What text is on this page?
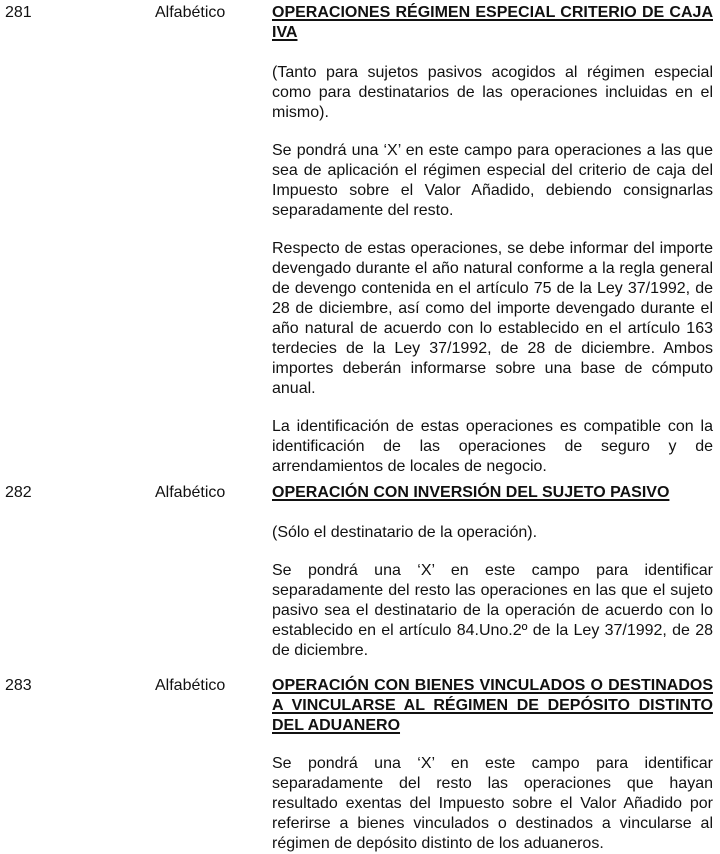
281	Alfabético	OPERACIONES RÉGIMEN ESPECIAL CRITERIO DE CAJA IVA

(Tanto para sujetos pasivos acogidos al régimen especial como para destinatarios de las operaciones incluidas en el mismo).

Se pondrá una ‘X’ en este campo para operaciones a las que sea de aplicación el régimen especial del criterio de caja del Impuesto sobre el Valor Añadido, debiendo consignarlas separadamente del resto.

Respecto de estas operaciones, se debe informar del importe devengado durante el año natural conforme a la regla general de devengo contenida en el artículo 75 de la Ley 37/1992, de 28 de diciembre, así como del importe devengado durante el año natural de acuerdo con lo establecido en el artículo 163 terdecies de la Ley 37/1992, de 28 de diciembre. Ambos importes deberán informarse sobre una base de cómputo anual.

La identificación de estas operaciones es compatible con la identificación de las operaciones de seguro y de arrendamientos de locales de negocio.

282	Alfabético	OPERACIÓN CON INVERSIÓN DEL SUJETO PASIVO

(Sólo el destinatario de la operación).

Se pondrá una ‘X’ en este campo para identificar separadamente del resto las operaciones en las que el sujeto pasivo sea el destinatario de la operación de acuerdo con lo establecido en el artículo 84.Uno.2º de la Ley 37/1992, de 28 de diciembre.

283	Alfabético	OPERACIÓN CON BIENES VINCULADOS O DESTINADOS A VINCULARSE AL RÉGIMEN DE DEPÓSITO DISTINTO DEL ADUANERO

Se pondrá una ‘X’ en este campo para identificar separadamente del resto las operaciones que hayan resultado exentas del Impuesto sobre el Valor Añadido por referirse a bienes vinculados o destinados a vincularse al régimen de depósito distinto de los aduaneros.
